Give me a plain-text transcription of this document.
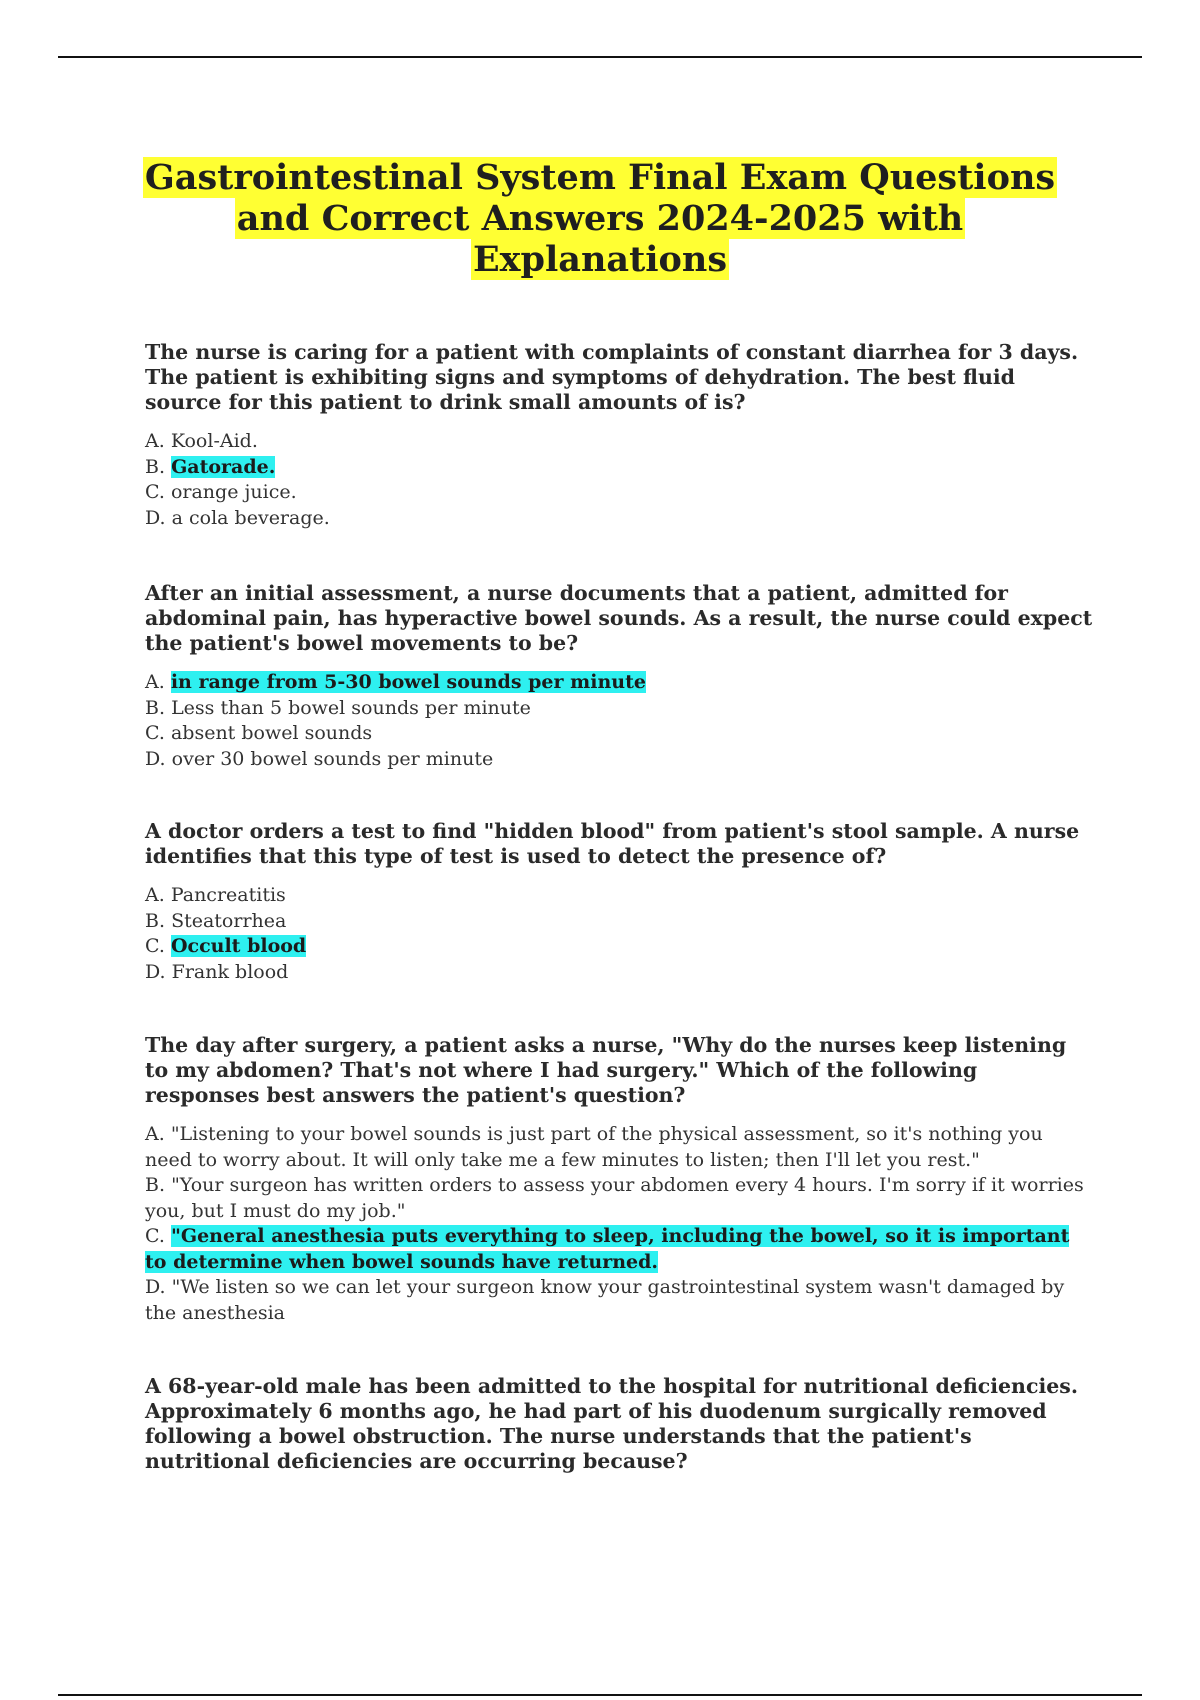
Gastrointestinal System Final Exam Questions and Correct Answers 2024-2025 with Explanations

The nurse is caring for a patient with complaints of constant diarrhea for 3 days. The patient is exhibiting signs and symptoms of dehydration. The best fluid source for this patient to drink small amounts of is?

A. Kool-Aid.
B. Gatorade.
C. orange juice.
D. a cola beverage.

After an initial assessment, a nurse documents that a patient, admitted for abdominal pain, has hyperactive bowel sounds. As a result, the nurse could expect the patient's bowel movements to be?

A. in range from 5-30 bowel sounds per minute
B. Less than 5 bowel sounds per minute
C. absent bowel sounds
D. over 30 bowel sounds per minute

A doctor orders a test to find "hidden blood" from patient's stool sample. A nurse identifies that this type of test is used to detect the presence of?

A. Pancreatitis
B. Steatorrhea
C. Occult blood
D. Frank blood

The day after surgery, a patient asks a nurse, "Why do the nurses keep listening to my abdomen? That's not where I had surgery." Which of the following responses best answers the patient's question?

A. "Listening to your bowel sounds is just part of the physical assessment, so it's nothing you need to worry about. It will only take me a few minutes to listen; then I'll let you rest."
B. "Your surgeon has written orders to assess your abdomen every 4 hours. I'm sorry if it worries you, but I must do my job."
C. "General anesthesia puts everything to sleep, including the bowel, so it is important to determine when bowel sounds have returned.
D. "We listen so we can let your surgeon know your gastrointestinal system wasn't damaged by the anesthesia

A 68-year-old male has been admitted to the hospital for nutritional deficiencies. Approximately 6 months ago, he had part of his duodenum surgically removed following a bowel obstruction. The nurse understands that the patient's nutritional deficiencies are occurring because?
